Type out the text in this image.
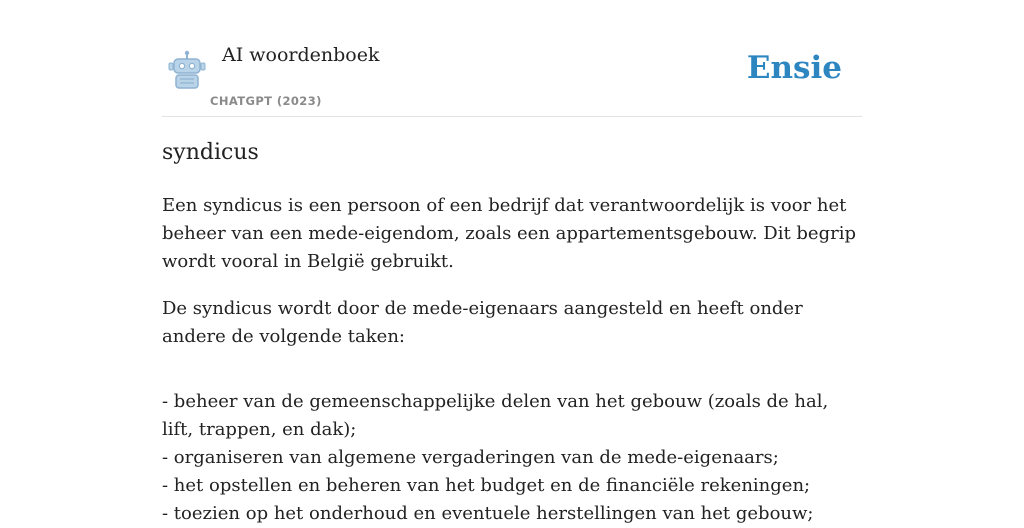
AI woordenboek
CHATGPT (2023)
Ensie
syndicus

Een syndicus is een persoon of een bedrijf dat verantwoordelijk is voor het beheer van een mede-eigendom, zoals een appartementsgebouw. Dit begrip wordt vooral in België gebruikt.

De syndicus wordt door de mede-eigenaars aangesteld en heeft onder andere de volgende taken:

- beheer van de gemeenschappelijke delen van het gebouw (zoals de hal, lift, trappen, en dak);
- organiseren van algemene vergaderingen van de mede-eigenaars;
- het opstellen en beheren van het budget en de financiële rekeningen;
- toezien op het onderhoud en eventuele herstellingen van het gebouw;
